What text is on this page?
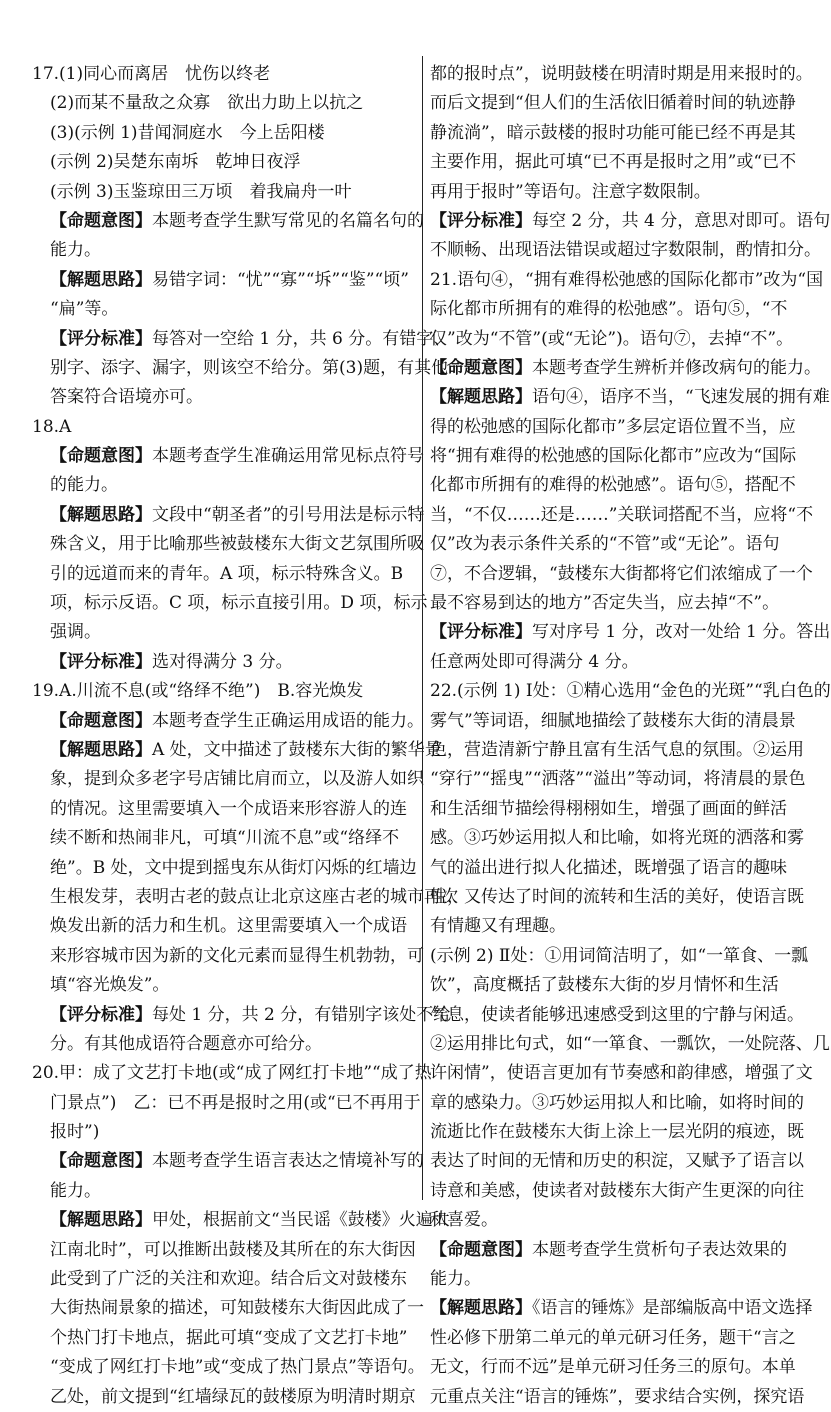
17.(1)同心而离居　忧伤以终老
(2)而某不量敌之众寡　欲出力助上以抗之
(3)(示例 1)昔闻洞庭水　今上岳阳楼
(示例 2)吴楚东南坼　乾坤日夜浮
(示例 3)玉鉴琼田三万顷　着我扁舟一叶
【命题意图】本题考查学生默写常见的名篇名句的
能力。
【解题思路】易错字词：“忧”“寡”“坼”“鉴”“顷”
“扁”等。
【评分标准】每答对一空给 1 分，共 6 分。有错字、
别字、添字、漏字，则该空不给分。第(3)题，有其他
答案符合语境亦可。
18.A
【命题意图】本题考查学生准确运用常见标点符号
的能力。
【解题思路】文段中“朝圣者”的引号用法是标示特
殊含义，用于比喻那些被鼓楼东大街文艺氛围所吸
引的远道而来的青年。A 项，标示特殊含义。B
项，标示反语。C 项，标示直接引用。D 项，标示
强调。
【评分标准】选对得满分 3 分。
19.A.川流不息(或“络绎不绝”)　B.容光焕发
【命题意图】本题考查学生正确运用成语的能力。
【解题思路】A 处，文中描述了鼓楼东大街的繁华景
象，提到众多老字号店铺比肩而立，以及游人如织
的情况。这里需要填入一个成语来形容游人的连
续不断和热闹非凡，可填“川流不息”或“络绎不
绝”。B 处，文中提到摇曳东从街灯闪烁的红墙边
生根发芽，表明古老的鼓点让北京这座古老的城市再次
焕发出新的活力和生机。这里需要填入一个成语
来形容城市因为新的文化元素而显得生机勃勃，可
填“容光焕发”。
【评分标准】每处 1 分，共 2 分，有错别字该处不给
分。有其他成语符合题意亦可给分。
20.甲：成了文艺打卡地(或“成了网红打卡地”“成了热
门景点”)　乙：已不再是报时之用(或“已不再用于
报时”)
【命题意图】本题考查学生语言表达之情境补写的
能力。
【解题思路】甲处，根据前文“当民谣《鼓楼》火遍大
江南北时”，可以推断出鼓楼及其所在的东大街因
此受到了广泛的关注和欢迎。结合后文对鼓楼东
大街热闹景象的描述，可知鼓楼东大街因此成了一
个热门打卡地点，据此可填“变成了文艺打卡地”
“变成了网红打卡地”或“变成了热门景点”等语句。
乙处，前文提到“红墙绿瓦的鼓楼原为明清时期京
都的报时点”，说明鼓楼在明清时期是用来报时的。
而后文提到“但人们的生活依旧循着时间的轨迹静
静流淌”，暗示鼓楼的报时功能可能已经不再是其
主要作用，据此可填“已不再是报时之用”或“已不
再用于报时”等语句。注意字数限制。
【评分标准】每空 2 分，共 4 分，意思对即可。语句
不顺畅、出现语法错误或超过字数限制，酌情扣分。
21.语句④，“拥有难得松弛感的国际化都市”改为“国
际化都市所拥有的难得的松弛感”。语句⑤，“不
仅”改为“不管”(或“无论”)。语句⑦，去掉“不”。
【命题意图】本题考查学生辨析并修改病句的能力。
【解题思路】语句④，语序不当，“飞速发展的拥有难
得的松弛感的国际化都市”多层定语位置不当，应
将“拥有难得的松弛感的国际化都市”应改为“国际
化都市所拥有的难得的松弛感”。语句⑤，搭配不
当，“不仅……还是……”关联词搭配不当，应将“不
仅”改为表示条件关系的“不管”或“无论”。语句
⑦，不合逻辑，“鼓楼东大街都将它们浓缩成了一个
最不容易到达的地方”否定失当，应去掉“不”。
【评分标准】写对序号 1 分，改对一处给 1 分。答出
任意两处即可得满分 4 分。
22.(示例 1) Ⅰ处：①精心选用“金色的光斑”“乳白色的
雾气”等词语，细腻地描绘了鼓楼东大街的清晨景
色，营造清新宁静且富有生活气息的氛围。②运用
“穿行”“摇曳”“洒落”“溢出”等动词，将清晨的景色
和生活细节描绘得栩栩如生，增强了画面的鲜活
感。③巧妙运用拟人和比喻，如将光斑的洒落和雾
气的溢出进行拟人化描述，既增强了语言的趣味
性，又传达了时间的流转和生活的美好，使语言既
有情趣又有理趣。
(示例 2) Ⅱ处：①用词简洁明了，如“一箪食、一瓢
饮”，高度概括了鼓楼东大街的岁月情怀和生活
气息，使读者能够迅速感受到这里的宁静与闲适。
②运用排比句式，如“一箪食、一瓢饮，一处院落、几
许闲情”，使语言更加有节奏感和韵律感，增强了文
章的感染力。③巧妙运用拟人和比喻，如将时间的
流逝比作在鼓楼东大街上涂上一层光阴的痕迹，既
表达了时间的无情和历史的积淀，又赋予了语言以
诗意和美感，使读者对鼓楼东大街产生更深的向往
和喜爱。
【命题意图】本题考查学生赏析句子表达效果的
能力。
【解题思路】《语言的锤炼》是部编版高中语文选择
性必修下册第二单元的单元研习任务，题干“言之
无文，行而不远”是单元研习任务三的原句。本单
元重点关注“语言的锤炼”，要求结合实例，探究语
